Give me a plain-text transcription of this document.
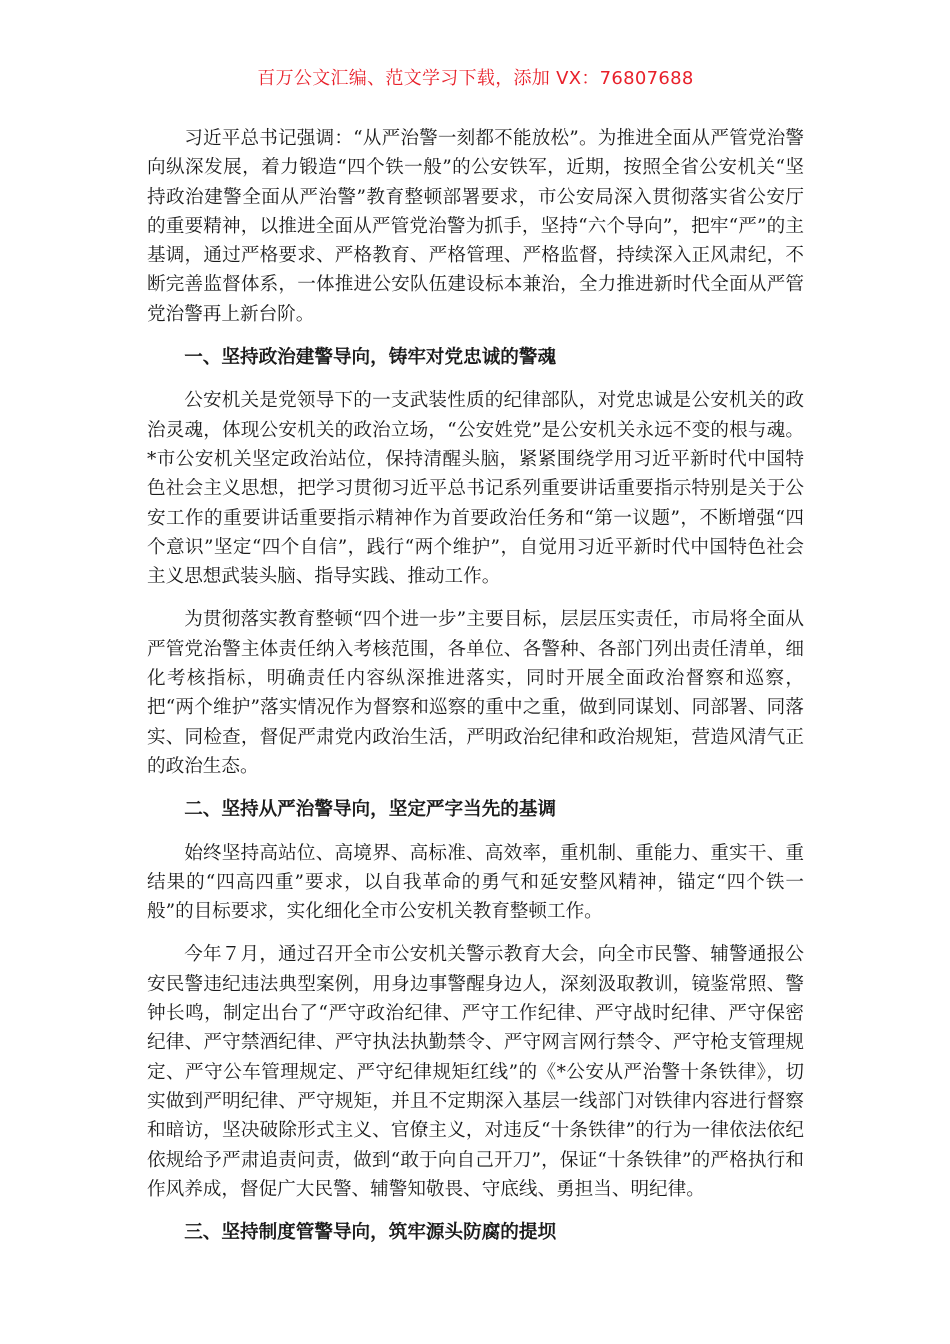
百万公文汇编、范文学习下载，添加 VX：76807688

习近平总书记强调：“从严治警一刻都不能放松”。为推进全面从严管党治警向纵深发展，着力锻造“四个铁一般”的公安铁军，近期，按照全省公安机关“坚持政治建警全面从严治警”教育整顿部署要求，市公安局深入贯彻落实省公安厅的重要精神，以推进全面从严管党治警为抓手，坚持“六个导向”，把牢“严”的主基调，通过严格要求、严格教育、严格管理、严格监督，持续深入正风肃纪，不断完善监督体系，一体推进公安队伍建设标本兼治，全力推进新时代全面从严管党治警再上新台阶。

一、坚持政治建警导向，铸牢对党忠诚的警魂

公安机关是党领导下的一支武装性质的纪律部队，对党忠诚是公安机关的政治灵魂，体现公安机关的政治立场，“公安姓党”是公安机关永远不变的根与魂。*市公安机关坚定政治站位，保持清醒头脑，紧紧围绕学用习近平新时代中国特色社会主义思想，把学习贯彻习近平总书记系列重要讲话重要指示特别是关于公安工作的重要讲话重要指示精神作为首要政治任务和“第一议题”，不断增强“四个意识”坚定“四个自信”，践行“两个维护”，自觉用习近平新时代中国特色社会主义思想武装头脑、指导实践、推动工作。

为贯彻落实教育整顿“四个进一步”主要目标，层层压实责任，市局将全面从严管党治警主体责任纳入考核范围，各单位、各警种、各部门列出责任清单，细化考核指标，明确责任内容纵深推进落实，同时开展全面政治督察和巡察，把“两个维护”落实情况作为督察和巡察的重中之重，做到同谋划、同部署、同落实、同检查，督促严肃党内政治生活，严明政治纪律和政治规矩，营造风清气正的政治生态。

二、坚持从严治警导向，坚定严字当先的基调

始终坚持高站位、高境界、高标准、高效率，重机制、重能力、重实干、重结果的“四高四重”要求，以自我革命的勇气和延安整风精神，锚定“四个铁一般”的目标要求，实化细化全市公安机关教育整顿工作。

今年７月，通过召开全市公安机关警示教育大会，向全市民警、辅警通报公安民警违纪违法典型案例，用身边事警醒身边人，深刻汲取教训，镜鉴常照、警钟长鸣，制定出台了“严守政治纪律、严守工作纪律、严守战时纪律、严守保密纪律、严守禁酒纪律、严守执法执勤禁令、严守网言网行禁令、严守枪支管理规定、严守公车管理规定、严守纪律规矩红线”的《*公安从严治警十条铁律》，切实做到严明纪律、严守规矩，并且不定期深入基层一线部门对铁律内容进行督察和暗访，坚决破除形式主义、官僚主义，对违反“十条铁律”的行为一律依法依纪依规给予严肃追责问责，做到“敢于向自己开刀”，保证“十条铁律”的严格执行和作风养成，督促广大民警、辅警知敬畏、守底线、勇担当、明纪律。

三、坚持制度管警导向，筑牢源头防腐的提坝
